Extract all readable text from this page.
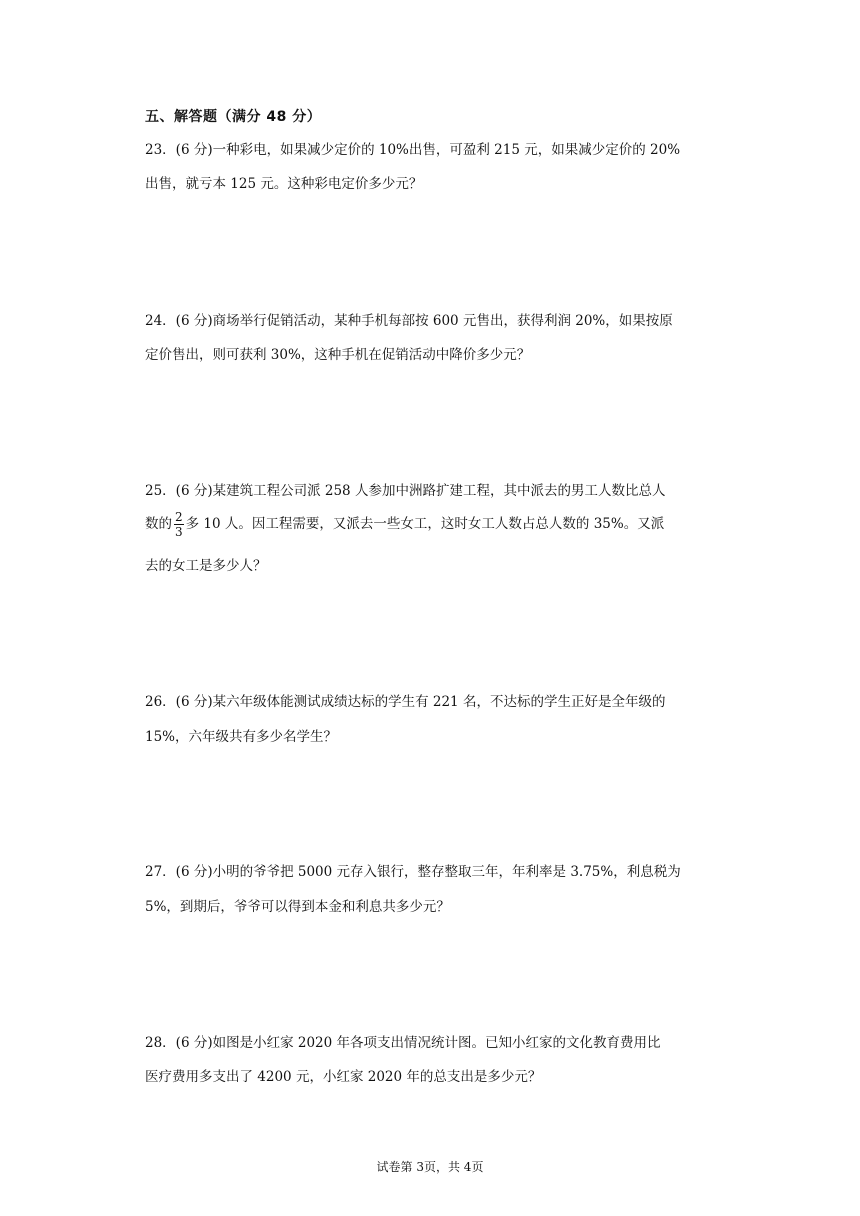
五、解答题（满分 48 分）
23．(6 分)一种彩电，如果减少定价的 10%出售，可盈利 215 元，如果减少定价的 20%
出售，就亏本 125 元。这种彩电定价多少元？
24．(6 分)商场举行促销活动，某种手机每部按 600 元售出，获得利润 20%，如果按原
定价售出，则可获利 30%，这种手机在促销活动中降价多少元？
25．(6 分)某建筑工程公司派 258 人参加中洲路扩建工程，其中派去的男工人数比总人
数的 $\frac{2}{3}$ 多 10 人。因工程需要，又派去一些女工，这时女工人数占总人数的 35%。又派
去的女工是多少人？
26．(6 分)某六年级体能测试成绩达标的学生有 221 名，不达标的学生正好是全年级的
15%，六年级共有多少名学生？
27．(6 分)小明的爷爷把 5000 元存入银行，整存整取三年，年利率是 3.75%，利息税为
5%，到期后，爷爷可以得到本金和利息共多少元？
28．(6 分)如图是小红家 2020 年各项支出情况统计图。已知小红家的文化教育费用比
医疗费用多支出了 4200 元，小红家 2020 年的总支出是多少元？
试卷第 3页，共 4页
